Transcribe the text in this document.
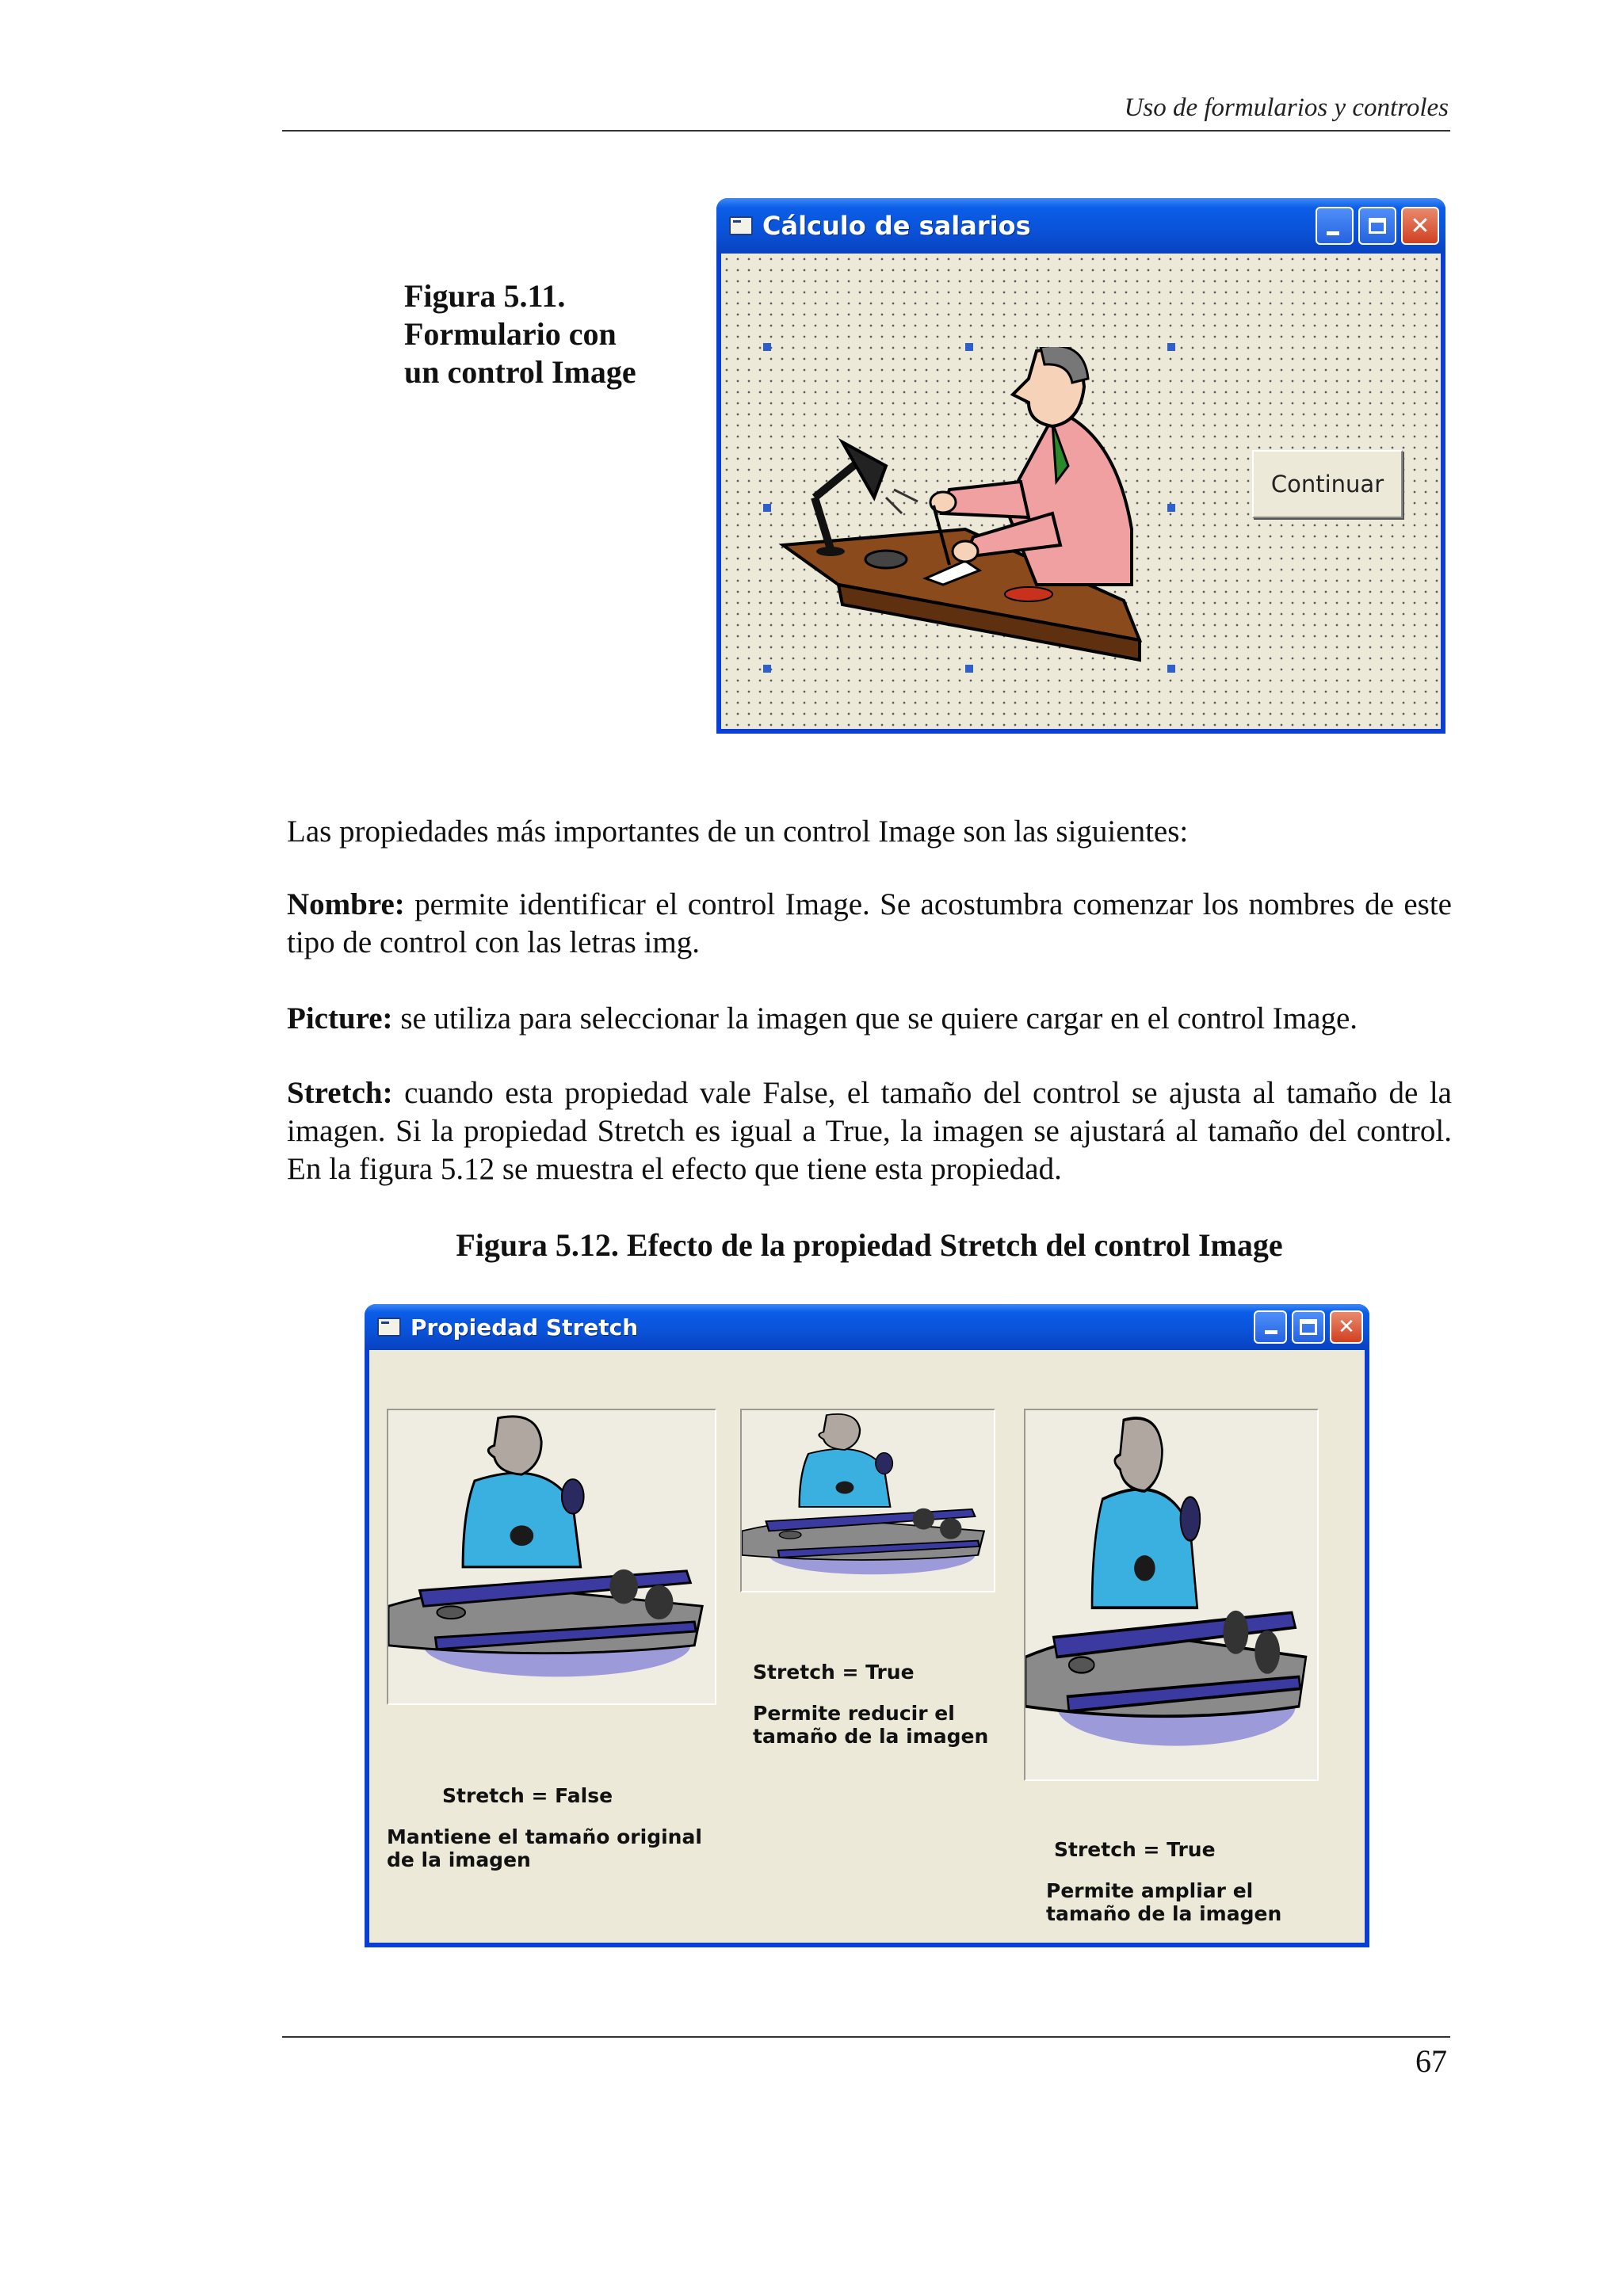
Uso de formularios y controles
Figura 5.11.
Formulario con
un control Image
Cálculo de salarios	✕
Continuar
Las propiedades más importantes de un control Image son las siguientes:
Nombre: permite identificar el control Image. Se acostumbra comenzar los nombres de este tipo de control con las letras img.
Picture: se utiliza para seleccionar la imagen que se quiere cargar en el control Image.
Stretch: cuando esta propiedad vale False, el tamaño del control se ajusta al tamaño de la imagen. Si la propiedad Stretch es igual a True, la imagen se ajustará al tamaño del control. En la figura 5.12 se muestra el efecto que tiene esta propiedad.
Figura 5.12. Efecto de la propiedad Stretch del control Image
Propiedad Stretch	✕
Stretch = False
Mantiene el tamaño original
de la imagen
Stretch = True
Permite reducir el
tamaño de la imagen
Stretch = True
Permite ampliar el
tamaño de la imagen
67
